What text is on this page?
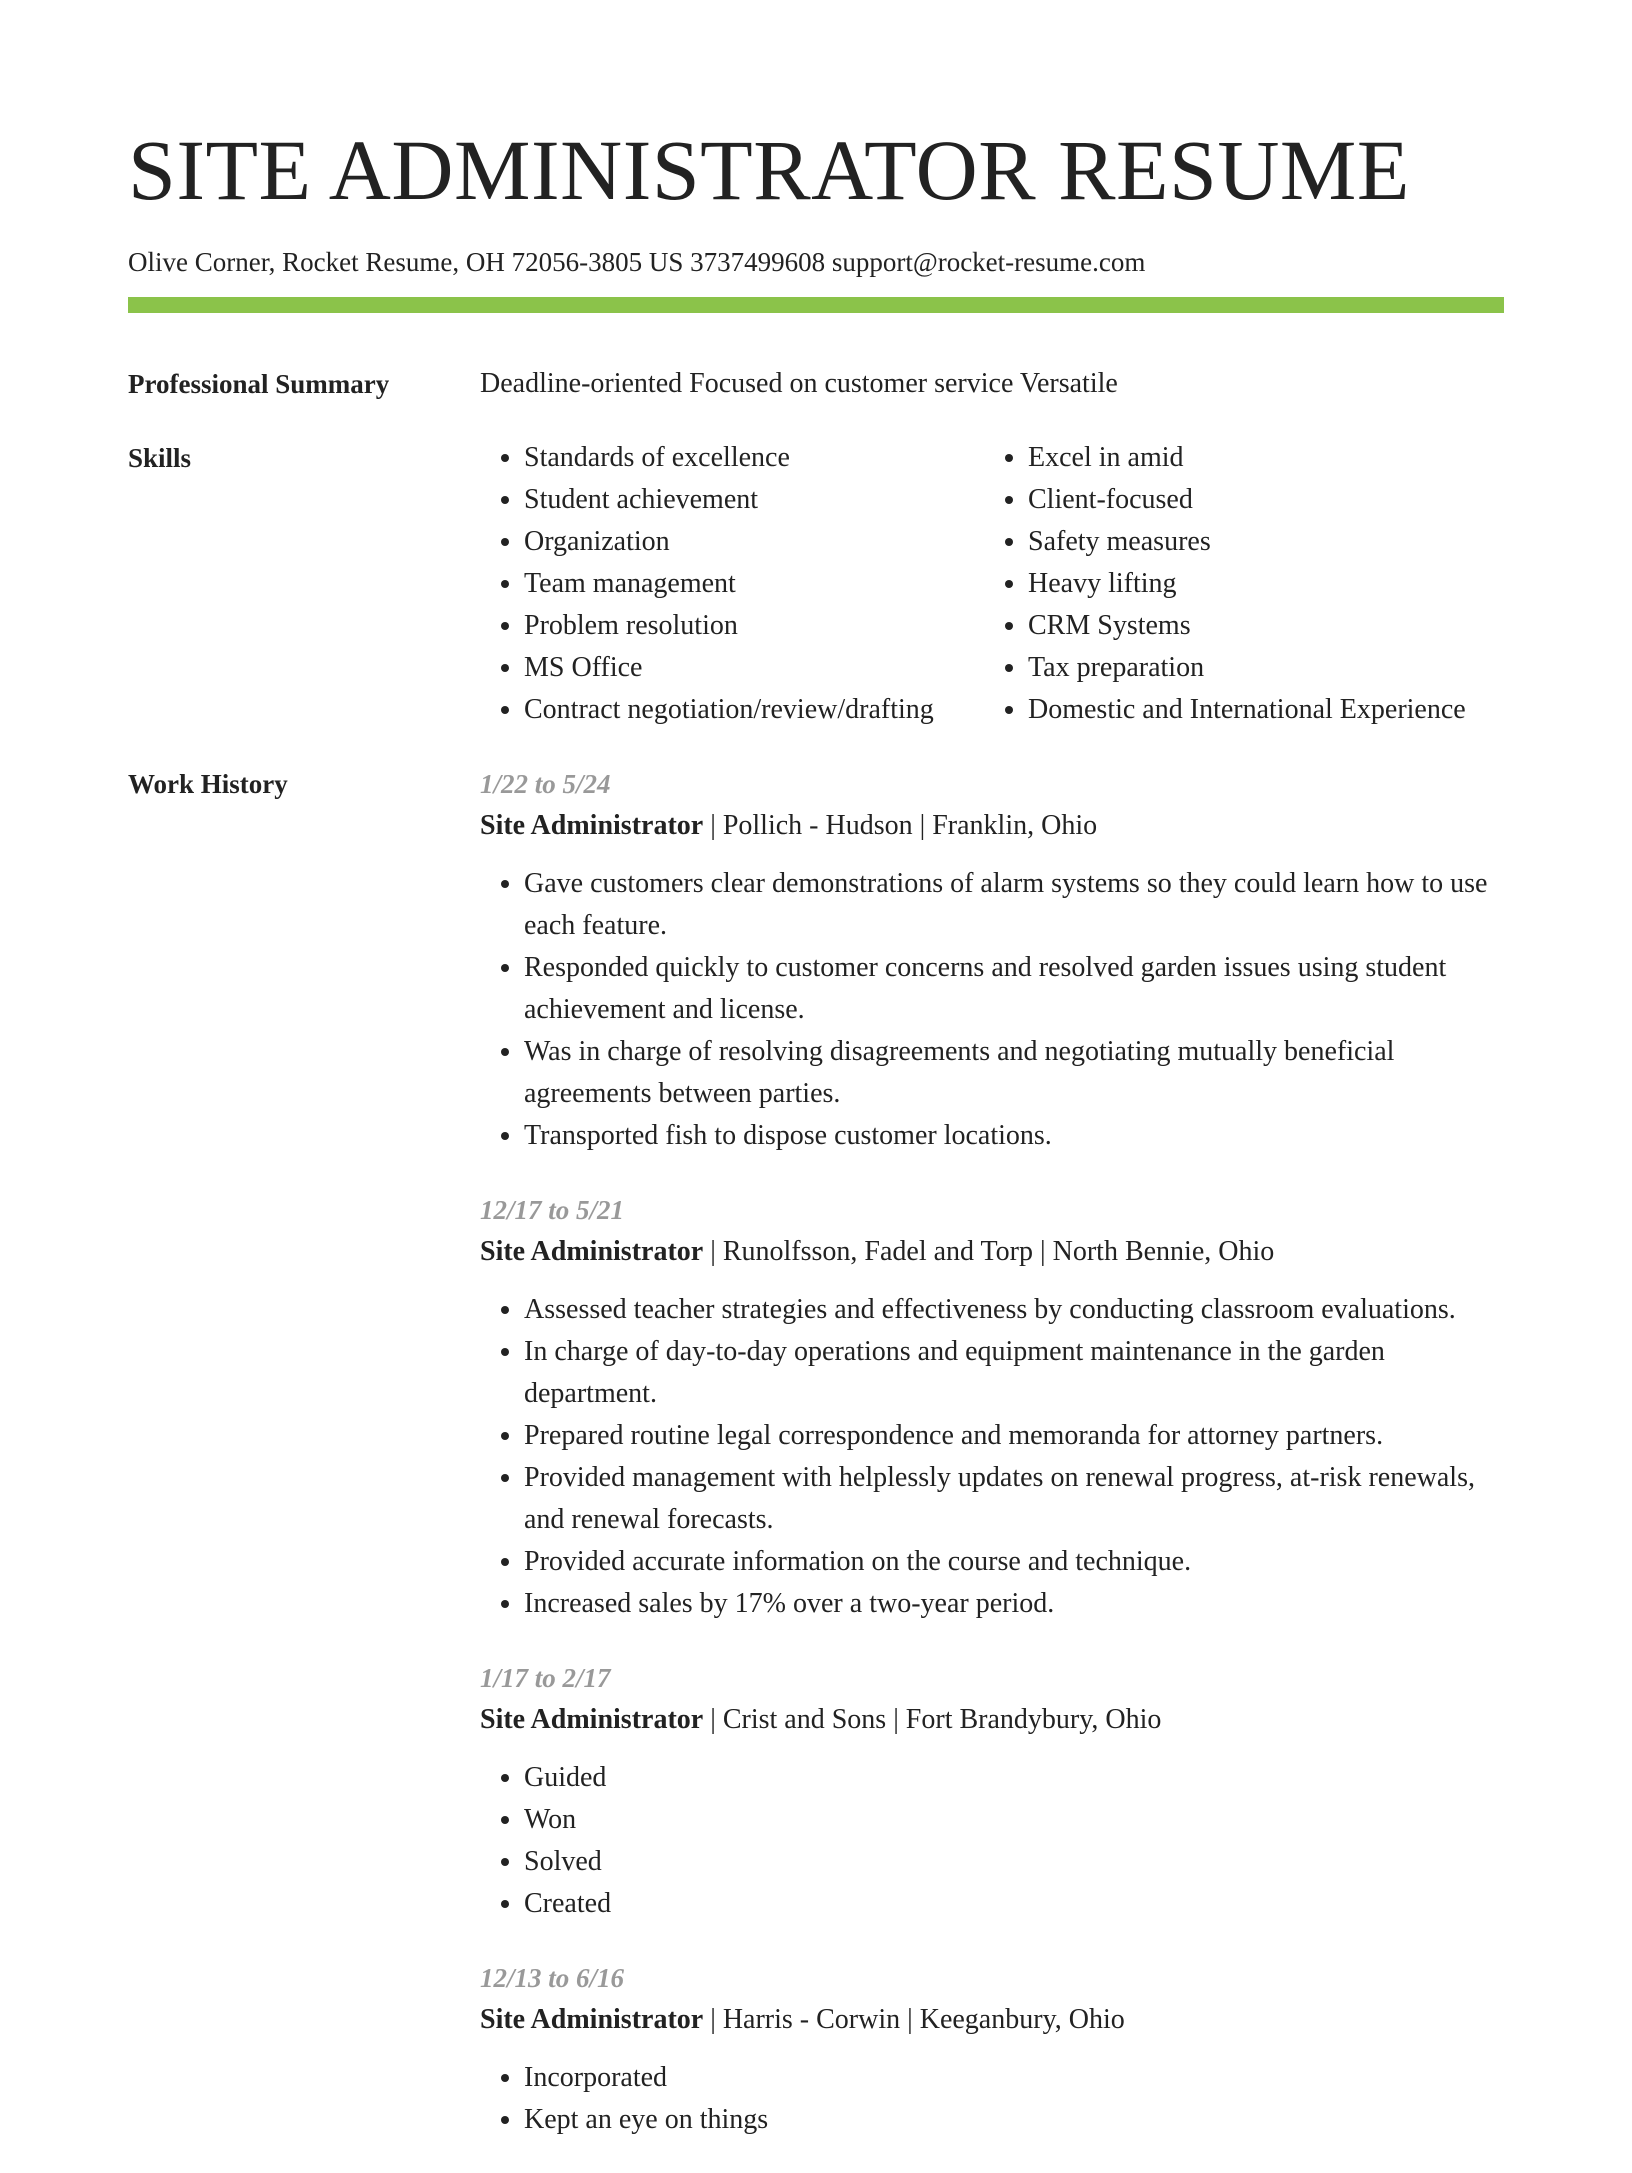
SITE ADMINISTRATOR RESUME
Olive Corner, Rocket Resume, OH 72056-3805 US 3737499608 support@rocket-resume.com
Professional Summary	Deadline-oriented Focused on customer service Versatile
Skills
•	Standards of excellence
• Student achievement
• Organization
• Team management
• Problem resolution
• MS Office
• Contract negotiation/review/drafting
• Excel in amid
• Client-focused
• Safety measures
• Heavy lifting
• CRM Systems
• Tax preparation
• Domestic and International Experience
Work History	1/22 to 5/24
Site Administrator | Pollich - Hudson | Franklin, Ohio
• Gave customers clear demonstrations of alarm systems so they could learn how to use each feature.
• Responded quickly to customer concerns and resolved garden issues using student achievement and license.
• Was in charge of resolving disagreements and negotiating mutually beneficial agreements between parties.
• Transported fish to dispose customer locations.
12/17 to 5/21
Site Administrator | Runolfsson, Fadel and Torp | North Bennie, Ohio
• Assessed teacher strategies and effectiveness by conducting classroom evaluations.
• In charge of day-to-day operations and equipment maintenance in the garden department.
• Prepared routine legal correspondence and memoranda for attorney partners.
• Provided management with helplessly updates on renewal progress, at-risk renewals, and renewal forecasts.
• Provided accurate information on the course and technique.
• Increased sales by 17% over a two-year period.
1/17 to 2/17
Site Administrator | Crist and Sons | Fort Brandybury, Ohio
• Guided
• Won
• Solved
• Created
12/13 to 6/16
Site Administrator | Harris - Corwin | Keeganbury, Ohio
• Incorporated
• Kept an eye on things
